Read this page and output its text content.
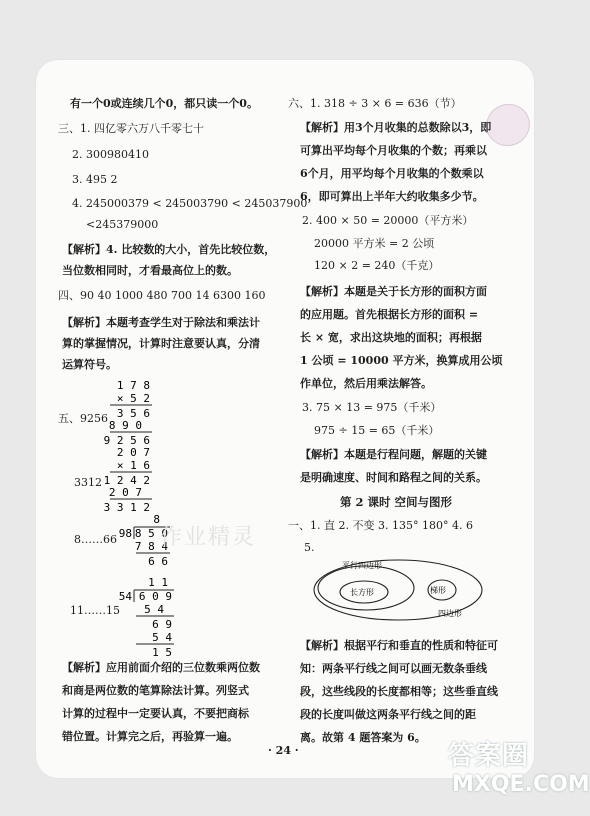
有一个0或连续几个0，都只读一个0。
三、1. 四亿零六万八千零七十
2. 300980410
3. 495 2
4. 245000379 < 245003790 < 245037900
<245379000
【解析】4. 比较数的大小，首先比较位数，
当位数相同时，才看最高位上的数。
四、90 40 1000 480 700 14 6300 160
【解析】本题考查学生对于除法和乘法计
算的掌握情况，计算时注意要认真，分清
运算符号。
五、9256
1 7 8
× 5 2
3 5 6
8 9 0
9 2 5 6
3312
2 0 7
× 1 6
1 2 4 2
2 0 7
3 3 1 2
8……66
8
98 8 5 0
7 8 4
6 6
11……15
1 1
54 6 0 9
5 4
6 9
5 4
1 5
【解析】应用前面介绍的三位数乘两位数
和商是两位数的笔算除法计算。列竖式
计算的过程中一定要认真，不要把商标
错位置。计算完之后，再验算一遍。
六、1. 318 ÷ 3 × 6 = 636（节）
【解析】用3个月收集的总数除以3，即
可算出平均每个月收集的个数；再乘以
6个月，用平均每个月收集的个数乘以
6，即可算出上半年大约收集多少节。
2. 400 × 50 = 20000（平方米）
20000 平方米 = 2 公顷
120 × 2 = 240（千克）
【解析】本题是关于长方形的面积方面
的应用题。首先根据长方形的面积 =
长 × 宽，求出这块地的面积；再根据
1 公顷 = 10000 平方米，换算成用公顷
作单位，然后用乘法解答。
3. 75 × 13 = 975（千米）
975 ÷ 15 = 65（千米）
【解析】本题是行程问题，解题的关键
是明确速度、时间和路程之间的关系。
第 2 课时 空间与图形
一、1. 直 2. 不变 3. 135° 180° 4. 6
5.
平行四边形
长方形	梯形
四边形
【解析】根据平行和垂直的性质和特征可
知：两条平行线之间可以画无数条垂线
段，这些线段的长度都相等；这些垂直线
段的长度叫做这两条平行线之间的距
离。故第 4 题答案为 6。
· 24 ·
作业精灵
答案圈
MXQE.COM
